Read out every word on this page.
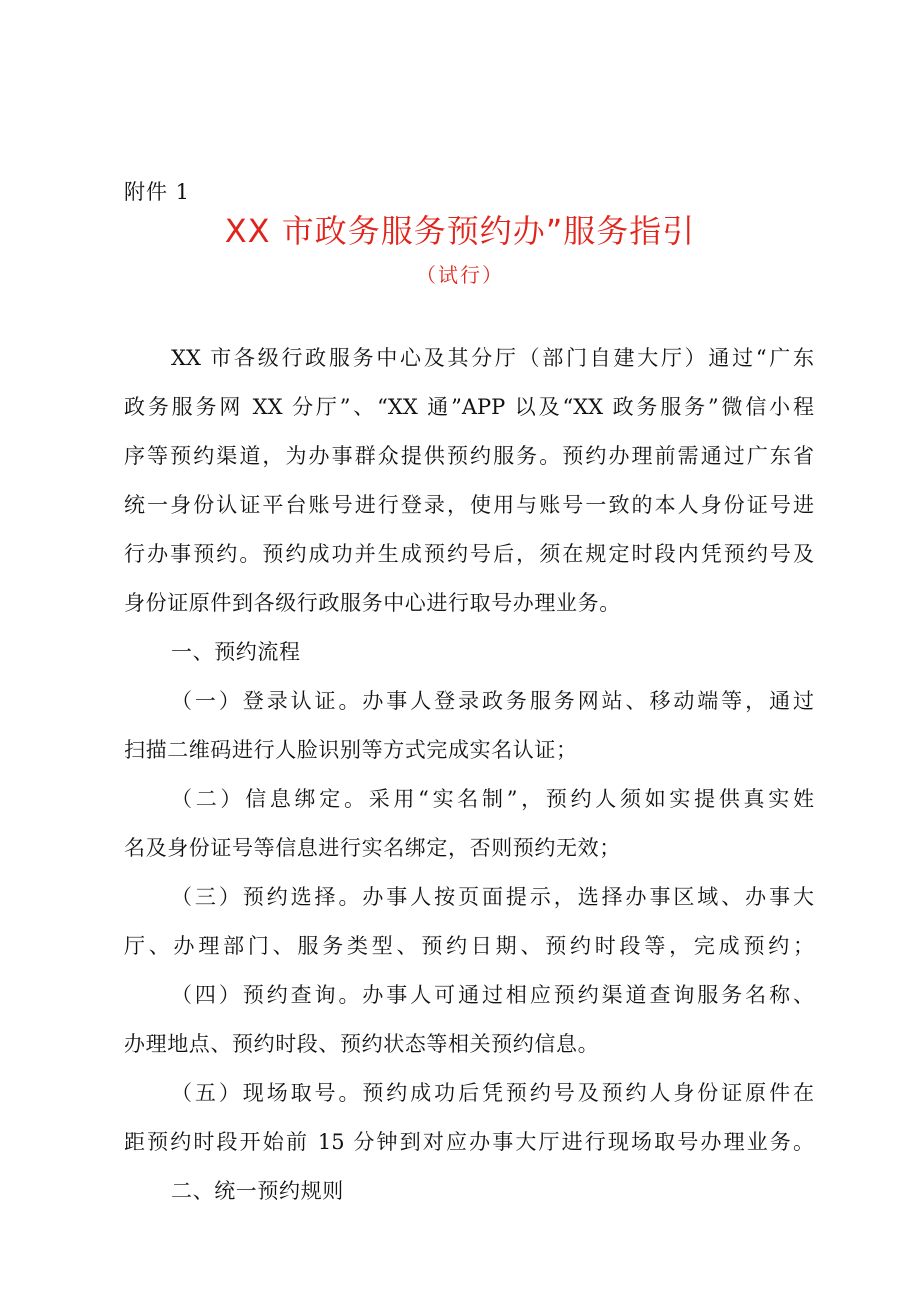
附件 1
XX 市政务服务预约办”服务指引
（试行）
XX 市各级行政服务中心及其分厅（部门自建大厅）通过“广东
政务服务网 XX 分厅”、“XX 通”APP 以及“XX 政务服务”微信小程
序等预约渠道，为办事群众提供预约服务。预约办理前需通过广东省
统一身份认证平台账号进行登录，使用与账号一致的本人身份证号进
行办事预约。预约成功并生成预约号后，须在规定时段内凭预约号及
身份证原件到各级行政服务中心进行取号办理业务。
一、预约流程
（一）登录认证。办事人登录政务服务网站、移动端等，通过
扫描二维码进行人脸识别等方式完成实名认证；
（二）信息绑定。采用“实名制”，预约人须如实提供真实姓
名及身份证号等信息进行实名绑定，否则预约无效；
（三）预约选择。办事人按页面提示，选择办事区域、办事大
厅、办理部门、服务类型、预约日期、预约时段等，完成预约；
（四）预约查询。办事人可通过相应预约渠道查询服务名称、
办理地点、预约时段、预约状态等相关预约信息。
（五）现场取号。预约成功后凭预约号及预约人身份证原件在
距预约时段开始前 15 分钟到对应办事大厅进行现场取号办理业务。
二、统一预约规则
